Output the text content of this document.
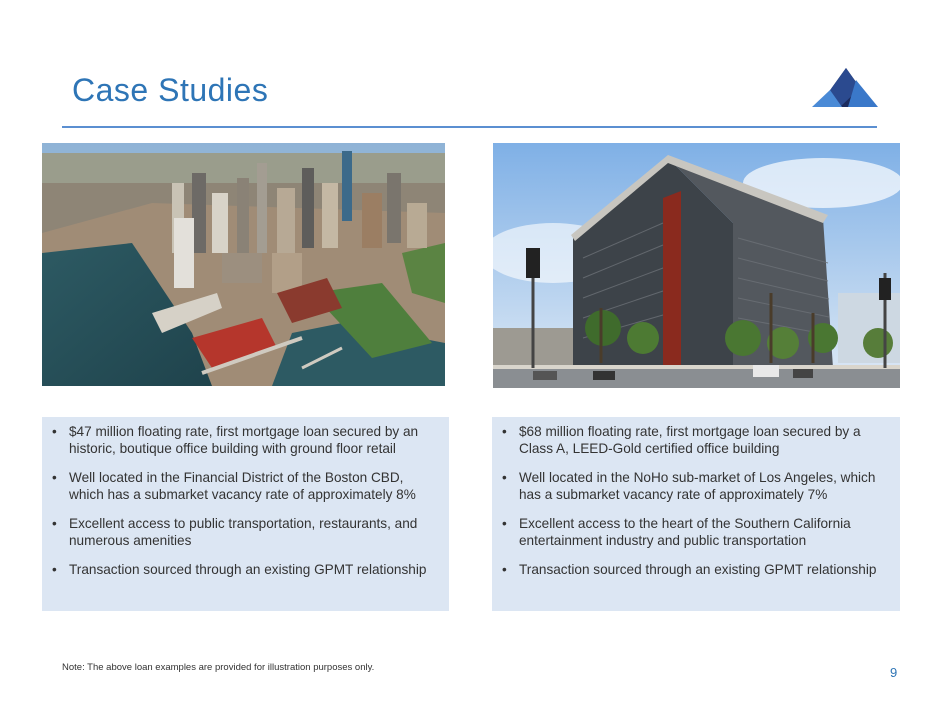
Case Studies
• $47 million floating rate, first mortgage loan secured by an historic, boutique office building with ground floor retail
• Well located in the Financial District of the Boston CBD, which has a submarket vacancy rate of approximately 8%
• Excellent access to public transportation, restaurants, and numerous amenities
• Transaction sourced through an existing GPMT relationship
• $68 million floating rate, first mortgage loan secured by a Class A, LEED-Gold certified office building
• Well located in the NoHo sub-market of Los Angeles, which has a submarket vacancy rate of approximately 7%
• Excellent access to the heart of the Southern California entertainment industry and public transportation
• Transaction sourced through an existing GPMT relationship
Note: The above loan examples are provided for illustration purposes only.	9
